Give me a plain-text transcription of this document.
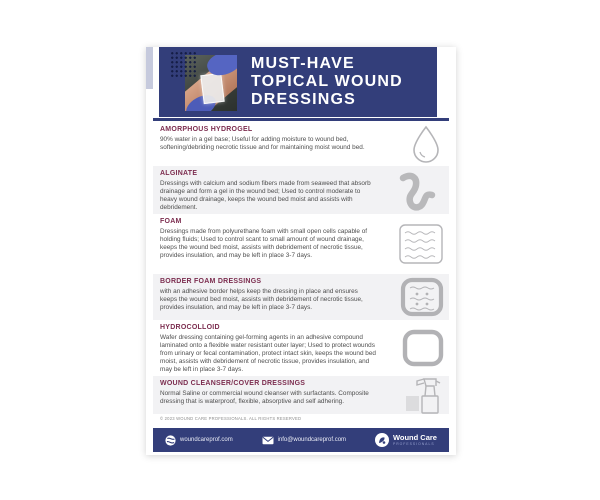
MUST-HAVE
TOPICAL WOUND
DRESSINGS
AMORPHOUS HYDROGEL

90% water in a gel base; Useful for adding moisture to wound bed, softening/debriding necrotic tissue and for maintaining moist wound bed.

ALGINATE

Dressings with calcium and sodium fibers made from seaweed that absorb drainage and form a gel in the wound bed; Used to control moderate to heavy wound drainage, keeps the wound bed moist and assists with debridement.

FOAM

Dressings made from polyurethane foam with small open cells capable of holding fluids; Used to control scant to small amount of wound drainage, keeps the wound bed moist, assists with debridement of necrotic tissue, provides insulation, and may be left in place 3-7 days.

BORDER FOAM DRESSINGS

with an adhesive border helps keep the dressing in place and ensures keeps the wound bed moist, assists with debridement of necrotic tissue, provides insulation, and may be left in place 3-7 days.

HYDROCOLLOID

Wafer dressing containing gel-forming agents in an adhesive compound laminated onto a flexible water resistant outer layer; Used to protect wounds from urinary or fecal contamination, protect intact skin, keeps the wound bed moist, assists with debridement of necrotic tissue, provides insulation, and may be left in place 3-7 days.

WOUND CLEANSER/COVER DRESSINGS

Normal Saline or commercial wound cleanser with surfactants. Composite dressing that is waterproof, flexible, absorptive and self adhering.

© 2023 WOUND CARE PROFESSIONALS. ALL RIGHTS RESERVED
woundcareprof.com	info@woundcareprof.com	Wound Care
PROFESSIONALS
